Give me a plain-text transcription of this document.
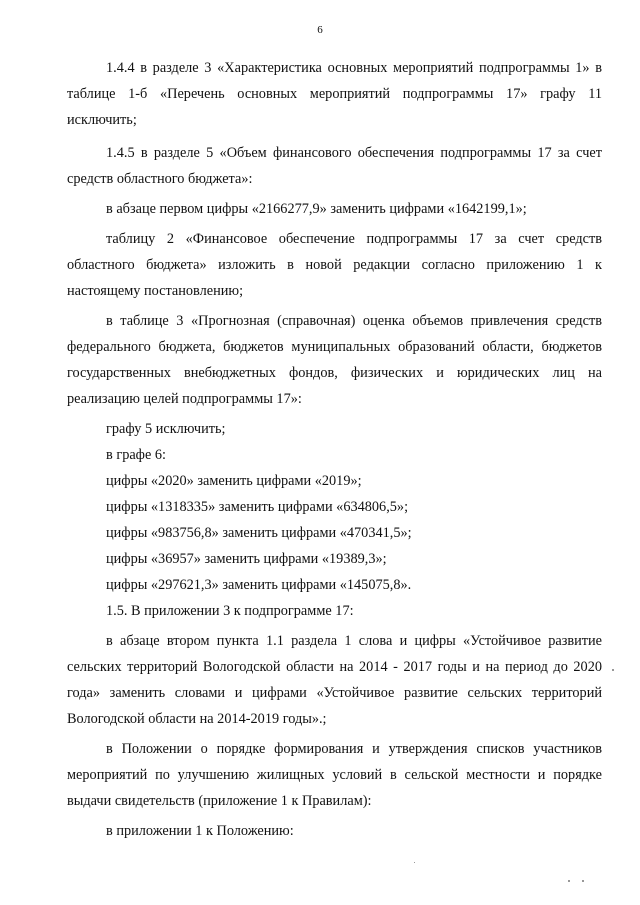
6

1.4.4 в разделе 3 «Характеристика основных мероприятий подпрограммы 1» в таблице 1-б «Перечень основных мероприятий подпрограммы 17» графу 11 исключить;

1.4.5 в разделе 5 «Объем финансового обеспечения подпрограммы 17 за счет средств областного бюджета»:

в абзаце первом цифры «2166277,9» заменить цифрами «1642199,1»;

таблицу 2 «Финансовое обеспечение подпрограммы 17 за счет средств областного бюджета» изложить в новой редакции согласно приложению 1 к настоящему постановлению;

в таблице 3 «Прогнозная (справочная) оценка объемов привлечения средств федерального бюджета, бюджетов муниципальных образований области, бюджетов государственных внебюджетных фондов, физических и юридических лиц на реализацию целей подпрограммы 17»:

графу 5 исключить;

в графе 6:

цифры «2020» заменить цифрами «2019»;

цифры «1318335» заменить цифрами «634806,5»;

цифры «983756,8» заменить цифрами «470341,5»;

цифры «36957» заменить цифрами «19389,3»;

цифры «297621,3» заменить цифрами «145075,8».

1.5. В приложении 3 к подпрограмме 17:

в абзаце втором пункта 1.1 раздела 1 слова и цифры «Устойчивое развитие сельских территорий Вологодской области на 2014 - 2017 годы и на период до 2020 года» заменить словами и цифрами «Устойчивое развитие сельских территорий Вологодской области на 2014-2019 годы».;

в Положении о порядке формирования и утверждения списков участников мероприятий по улучшению жилищных условий в сельской местности и порядке выдачи свидетельств (приложение 1 к Правилам):

в приложении 1 к Положению:
